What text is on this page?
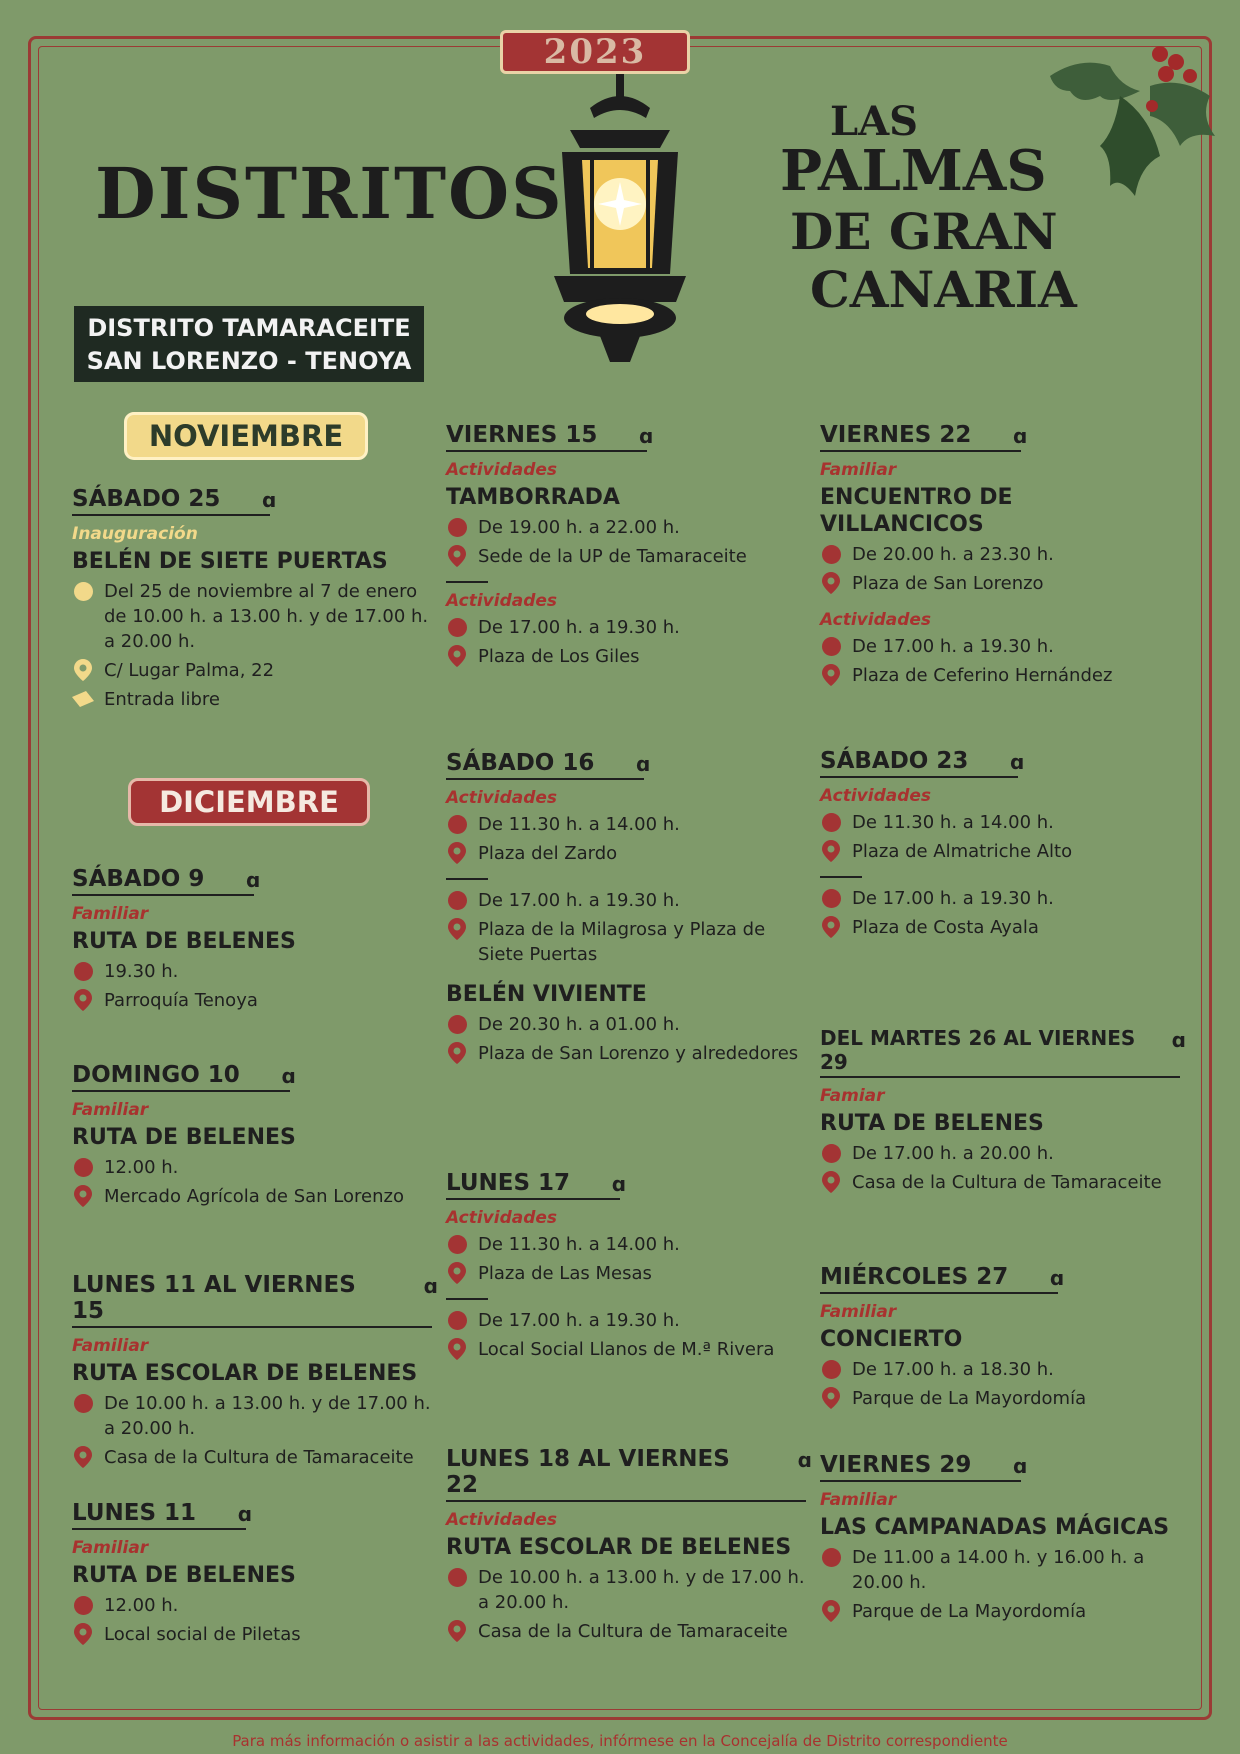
2023
DISTRITOS
LAS
PALMAS
DE GRAN
CANARIA
DISTRITO TAMARACEITE
SAN LORENZO - TENOYA
NOVIEMBRE
DICIEMBRE
SÁBADO 25 ɑ
Inauguración
BELÉN DE SIETE PUERTAS
Del 25 de noviembre al 7 de enero de 10.00 h. a 13.00 h. y de 17.00 h. a 20.00 h.
C/ Lugar Palma, 22
Entrada libre
SÁBADO 9 ɑ
Familiar
RUTA DE BELENES
19.30 h.
Parroquía Tenoya
DOMINGO 10 ɑ
Familiar
RUTA DE BELENES
12.00 h.
Mercado Agrícola de San Lorenzo
LUNES 11 AL VIERNES 15 ɑ
Familiar
RUTA ESCOLAR DE BELENES
De 10.00 h. a 13.00 h. y de 17.00 h. a 20.00 h.
Casa de la Cultura de Tamaraceite
LUNES 11 ɑ
Familiar
RUTA DE BELENES
12.00 h.
Local social de Piletas
VIERNES 15 ɑ
Actividades
TAMBORRADA
De 19.00 h. a 22.00 h.
Sede de la UP de Tamaraceite
Actividades
De 17.00 h. a 19.30 h.
Plaza de Los Giles
SÁBADO 16 ɑ
Actividades
De 11.30 h. a 14.00 h.
Plaza del Zardo
De 17.00 h. a 19.30 h.
Plaza de la Milagrosa y Plaza de Siete Puertas
BELÉN VIVIENTE
De 20.30 h. a 01.00 h.
Plaza de San Lorenzo y alrededores
LUNES 17 ɑ
Actividades
De 11.30 h. a 14.00 h.
Plaza de Las Mesas
De 17.00 h. a 19.30 h.
Local Social Llanos de M.ª Rivera
LUNES 18 AL VIERNES 22 ɑ
Actividades
RUTA ESCOLAR DE BELENES
De 10.00 h. a 13.00 h. y de 17.00 h. a 20.00 h.
Casa de la Cultura de Tamaraceite
VIERNES 22 ɑ
Familiar
ENCUENTRO DE VILLANCICOS
De 20.00 h. a 23.30 h.
Plaza de San Lorenzo
Actividades
De 17.00 h. a 19.30 h.
Plaza de Ceferino Hernández
SÁBADO 23 ɑ
Actividades
De 11.30 h. a 14.00 h.
Plaza de Almatriche Alto
De 17.00 h. a 19.30 h.
Plaza de Costa Ayala
DEL MARTES 26 AL VIERNES 29 ɑ
Famiar
RUTA DE BELENES
De 17.00 h. a 20.00 h.
Casa de la Cultura de Tamaraceite
MIÉRCOLES 27 ɑ
Familiar
CONCIERTO
De 17.00 h. a 18.30 h.
Parque de La Mayordomía
VIERNES 29 ɑ
Familiar
LAS CAMPANADAS MÁGICAS
De 11.00 a 14.00 h. y 16.00 h. a 20.00 h.
Parque de La Mayordomía
Para más información o asistir a las actividades, infórmese en la Concejalía de Distrito correspondiente
